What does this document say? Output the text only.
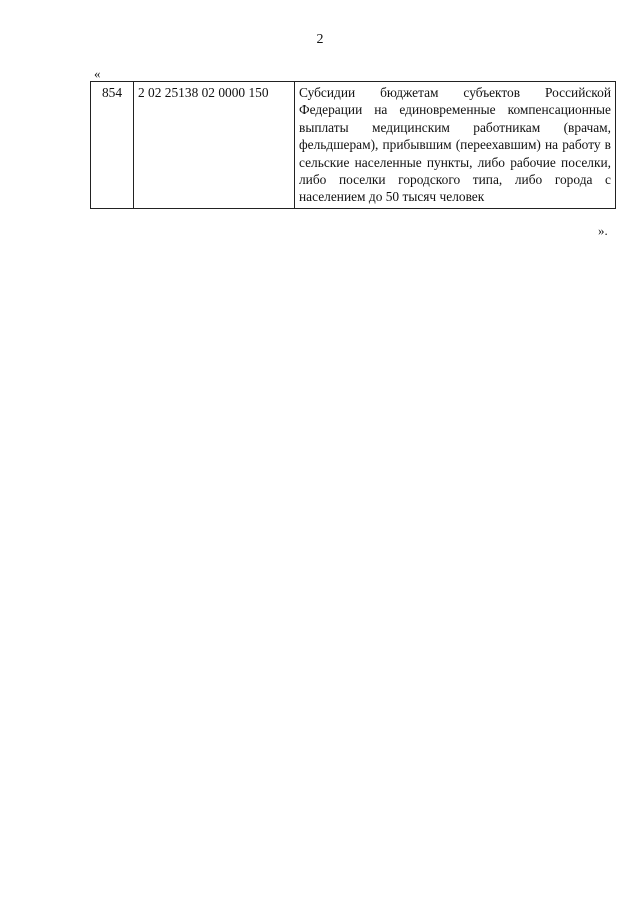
2
«
854	2 02 25138 02 0000 150	Субсидии бюджетам субъектов Российской Федерации на единовременные компенсационные выплаты медицинским работникам (врачам, фельдшерам), прибывшим (переехавшим) на работу в сельские населенные пункты, либо рабочие поселки, либо поселки городского типа, либо города с населением до 50 тысяч человек
».
